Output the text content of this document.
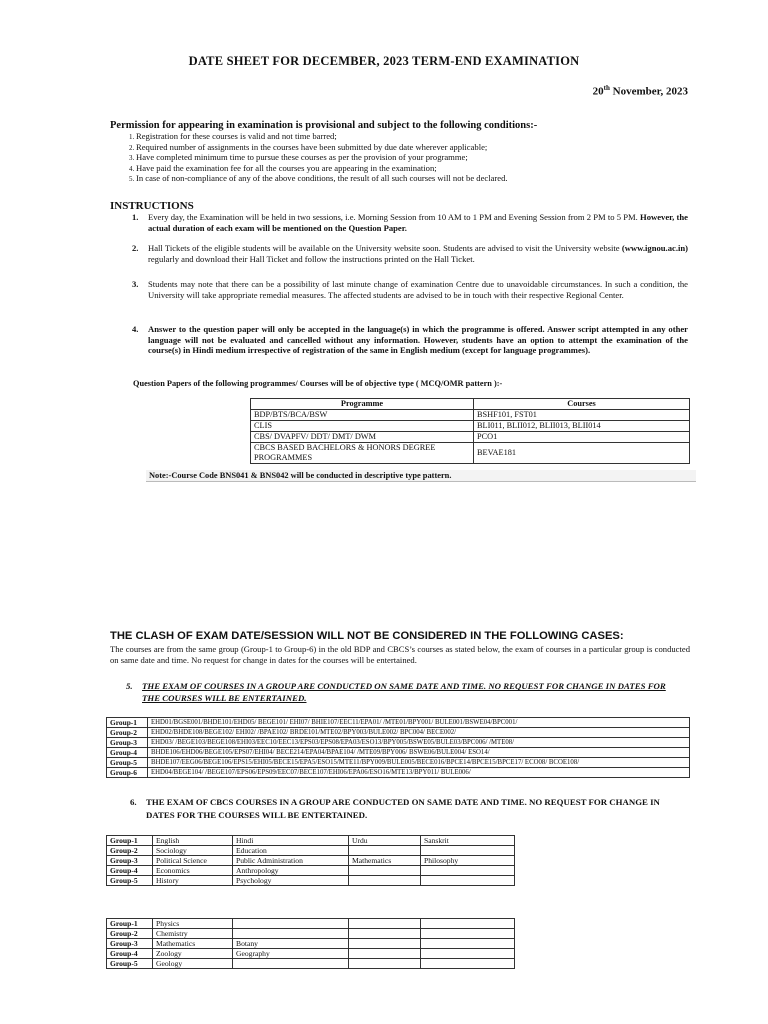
DATE SHEET FOR DECEMBER, 2023 TERM-END EXAMINATION
20th November, 2023
Permission for appearing in examination is provisional and subject to the following conditions:-
1. Registration for these courses is valid and not time barred;
2. Required number of assignments in the courses have been submitted by due date wherever applicable;
3. Have completed minimum time to pursue these courses as per the provision of your programme;
4. Have paid the examination fee for all the courses you are appearing in the examination;
5. In case of non-compliance of any of the above conditions, the result of all such courses will not be declared.
INSTRUCTIONS
1. Every day, the Examination will be held in two sessions, i.e. Morning Session from 10 AM to 1 PM and Evening Session from 2 PM to 5 PM. However, the actual duration of each exam will be mentioned on the Question Paper.
2. Hall Tickets of the eligible students will be available on the University website soon. Students are advised to visit the University website (www.ignou.ac.in) regularly and download their Hall Ticket and follow the instructions printed on the Hall Ticket.
3. Students may note that there can be a possibility of last minute change of examination Centre due to unavoidable circumstances. In such a condition, the University will take appropriate remedial measures. The affected students are advised to be in touch with their respective Regional Center.
4. Answer to the question paper will only be accepted in the language(s) in which the programme is offered. Answer script attempted in any other language will not be evaluated and cancelled without any information. However, students have an option to attempt the examination of the course(s) in Hindi medium irrespective of registration of the same in English medium (except for language programmes).
Question Papers of the following programmes/ Courses will be of objective type ( MCQ/OMR pattern ):-
Programme	Courses
BDP/BTS/BCA/BSW	BSHF101, FST01
CLIS	BLI011, BLII012, BLII013, BLII014
CBS/ DVAPFV/ DDT/ DMT/ DWM	PCO1
CBCS BASED BACHELORS & HONORS DEGREE PROGRAMMES	BEVAE181
Note:-Course Code BNS041 & BNS042 will be conducted in descriptive type pattern.
THE CLASH OF EXAM DATE/SESSION WILL NOT BE CONSIDERED IN THE FOLLOWING CASES:
The courses are from the same group (Group-1 to Group-6) in the old BDP and CBCS’s courses as stated below, the exam of courses in a particular group is conducted on same date and time. No request for change in dates for the courses will be entertained.
5. THE EXAM OF COURSES IN A GROUP ARE CONDUCTED ON SAME DATE AND TIME. NO REQUEST FOR CHANGE IN DATES FOR THE COURSES WILL BE ENTERTAINED.
Group-1	EHD01/BGSE001/BHDE101/EHD05/ BEGE101/ EHI07/ BHIE107/EEC11/EPA01/ /MTE01/BPY001/ BULE001/BSWE04/BPC001/
Group-2	EHD02/BHDE108/BEGE102/ EHI02/ /BPAE102/ BRDE101/MTE02/BPY003/BULE002/ BPC004/ BECE002/
Group-3	EHD03/ /BEGE103/BEGE108/EHI03/EEC10/EEC13/EPS03/EPS08/EPA03/ESO13/BPY005/BSWE05/BULE03/BPC006/ /MTE08/
Group-4	BHDE106/EHD06/BEGE105/EPS07/EHI04/ BECE214/EPA04/BPAE104/ /MTE09/BPY006/ BSWE06/BULE004/ ESO14/
Group-5	BHDE107/EEG06/BEGE106/EPS15/EHI05/BECE15/EPA5/ESO15/MTE11/BPY009/BULE005/BECE016/BPCE14/BPCE15/BPCE17/ ECO08/ BCOE108/
Group-6	EHD04/BEGE104/ /BEGE107/EPS06/EPS09/EEC07/BECE107/EHI06/EPA06/ESO16/MTE13/BPY011/ BULE006/
6. THE EXAM OF CBCS COURSES IN A GROUP ARE CONDUCTED ON SAME DATE AND TIME. NO REQUEST FOR CHANGE IN DATES FOR THE COURSES WILL BE ENTERTAINED.
Group-1	English	Hindi	Urdu	Sanskrit
Group-2	Sociology	Education		
Group-3	Political Science	Public Administration	Mathematics	Philosophy
Group-4	Economics	Anthropology		
Group-5	History	Psychology		
Group-1	Physics			
Group-2	Chemistry			
Group-3	Mathematics	Botany		
Group-4	Zoology	Geography		
Group-5	Geology			
